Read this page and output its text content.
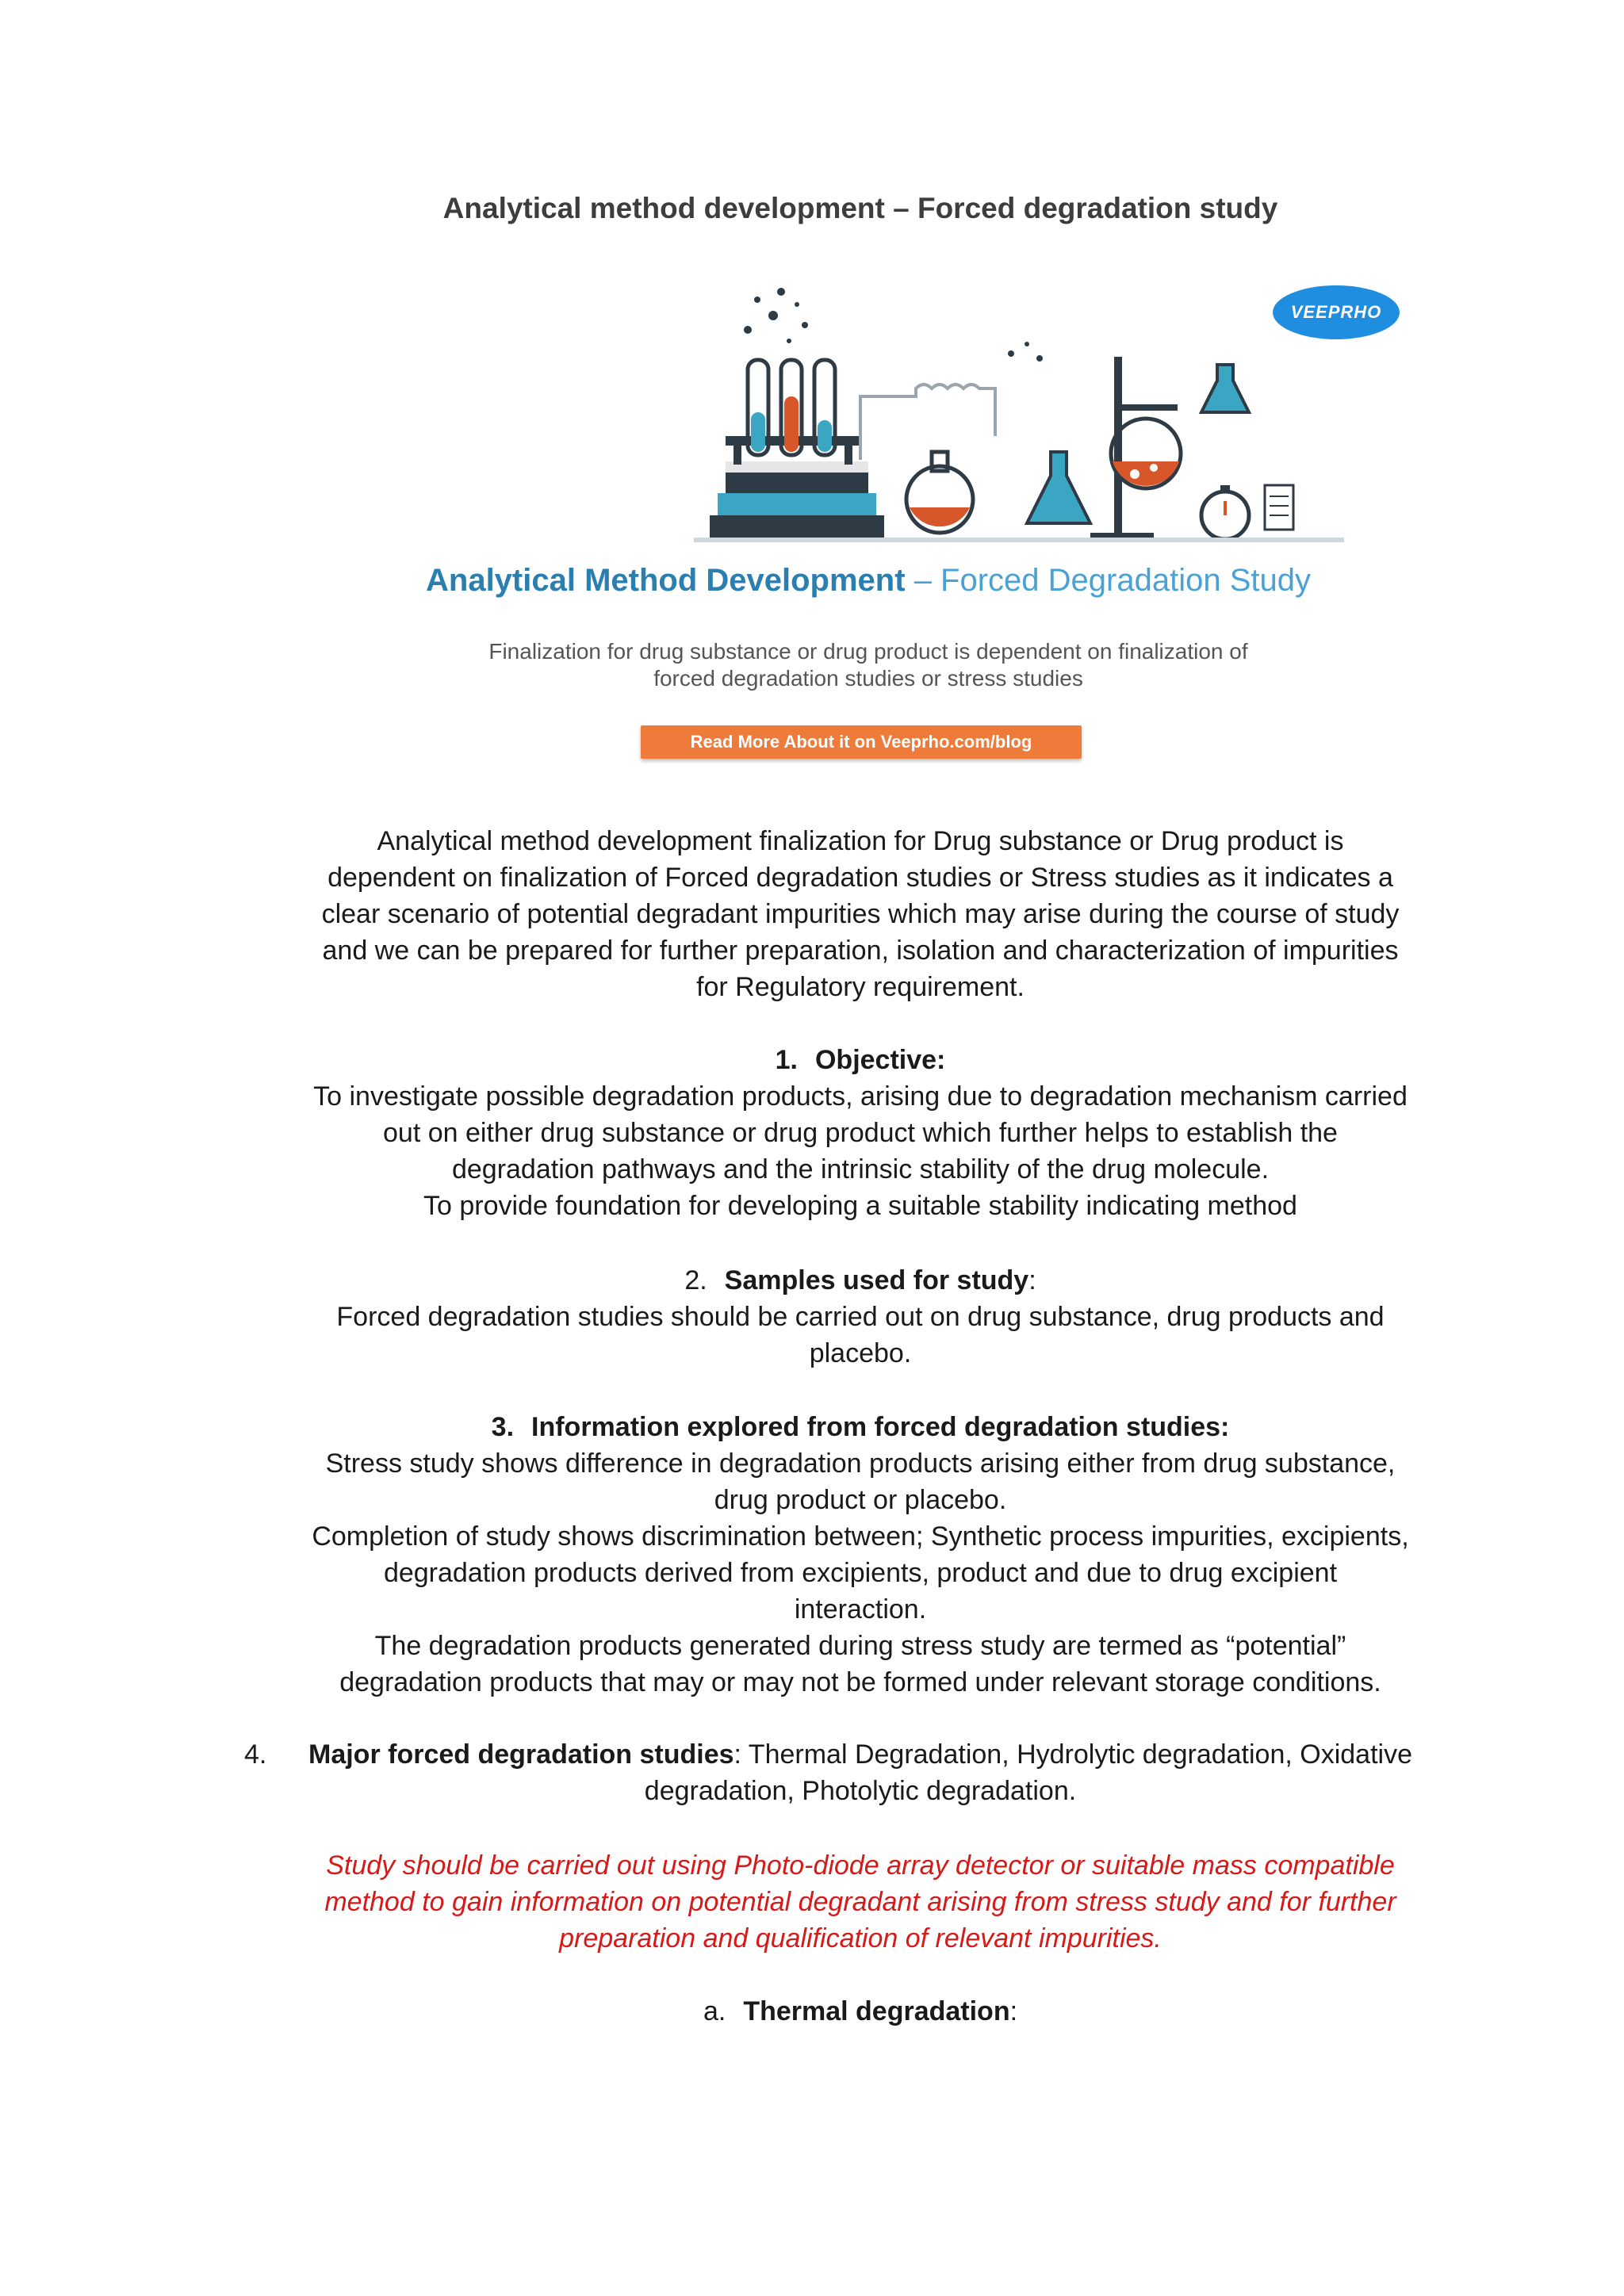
Analytical method development – Forced degradation study
VEEPRHO
Analytical Method Development – Forced Degradation Study
Finalization for drug substance or drug product is dependent on finalization of
forced degradation studies or stress studies
Read More About it on Veeprho.com/blog

Analytical method development finalization for Drug substance or Drug product is

dependent on finalization of Forced degradation studies or Stress studies as it indicates a

clear scenario of potential degradant impurities which may arise during the course of study

and we can be prepared for further preparation, isolation and characterization of impurities

for Regulatory requirement.

1. Objective:

To investigate possible degradation products, arising due to degradation mechanism carried

out on either drug substance or drug product which further helps to establish the

degradation pathways and the intrinsic stability of the drug molecule.

To provide foundation for developing a suitable stability indicating method

2. Samples used for study:

Forced degradation studies should be carried out on drug substance, drug products and

placebo.

3. Information explored from forced degradation studies:

Stress study shows difference in degradation products arising either from drug substance,

drug product or placebo.

Completion of study shows discrimination between; Synthetic process impurities, excipients,

degradation products derived from excipients, product and due to drug excipient

interaction.

The degradation products generated during stress study are termed as “potential”

degradation products that may or may not be formed under relevant storage conditions.

4.	Major forced degradation studies: Thermal Degradation, Hydrolytic degradation, Oxidative

degradation, Photolytic degradation.

Study should be carried out using Photo-diode array detector or suitable mass compatible

method to gain information on potential degradant arising from stress study and for further

preparation and qualification of relevant impurities.

a. Thermal degradation:
